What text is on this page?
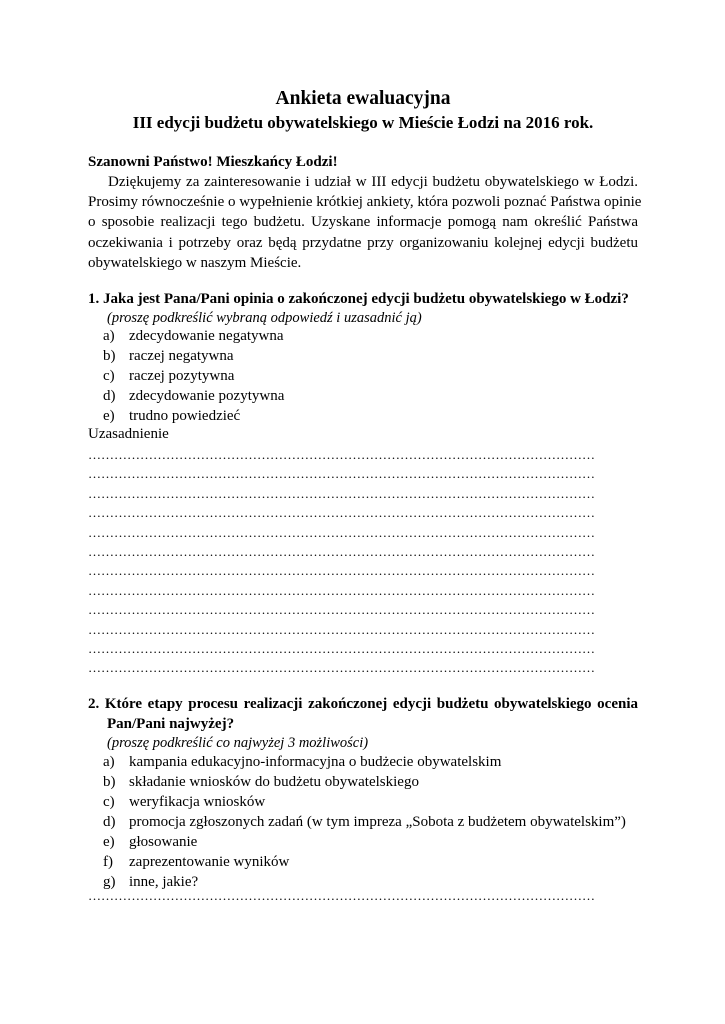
Ankieta ewaluacyjna
III edycji budżetu obywatelskiego w Mieście Łodzi na 2016 rok.
Szanowni Państwo! Mieszkańcy Łodzi!
Dziękujemy za zainteresowanie i udział w III edycji budżetu obywatelskiego w Łodzi.
Prosimy równocześnie o wypełnienie krótkiej ankiety, która pozwoli poznać Państwa opinie
o sposobie realizacji tego budżetu. Uzyskane informacje pomogą nam określić Państwa
oczekiwania i potrzeby oraz będą przydatne przy organizowaniu kolejnej edycji budżetu
obywatelskiego w naszym Mieście.
1. Jaka jest Pana/Pani opinia o zakończonej edycji budżetu obywatelskiego w Łodzi?
(proszę podkreślić wybraną odpowiedź i uzasadnić ją)
a) zdecydowanie negatywna
b) raczej negatywna
c) raczej pozytywna
d) zdecydowanie pozytywna
e) trudno powiedzieć
Uzasadnienie
………………………………………………………………………………………………………
………………………………………………………………………………………………………
………………………………………………………………………………………………………
………………………………………………………………………………………………………
………………………………………………………………………………………………………
………………………………………………………………………………………………………
………………………………………………………………………………………………………
………………………………………………………………………………………………………
………………………………………………………………………………………………………
………………………………………………………………………………………………………
………………………………………………………………………………………………………
………………………………………………………………………………………………………
2. Które etapy procesu realizacji zakończonej edycji budżetu obywatelskiego ocenia
Pan/Pani najwyżej?
(proszę podkreślić co najwyżej 3 możliwości)
a) kampania edukacyjno-informacyjna o budżecie obywatelskim
b) składanie wniosków do budżetu obywatelskiego
c) weryfikacja wniosków
d) promocja zgłoszonych zadań (w tym impreza „Sobota z budżetem obywatelskim”)
e) głosowanie
f) zaprezentowanie wyników
g) inne, jakie?
………………………………………………………………………………………………………
